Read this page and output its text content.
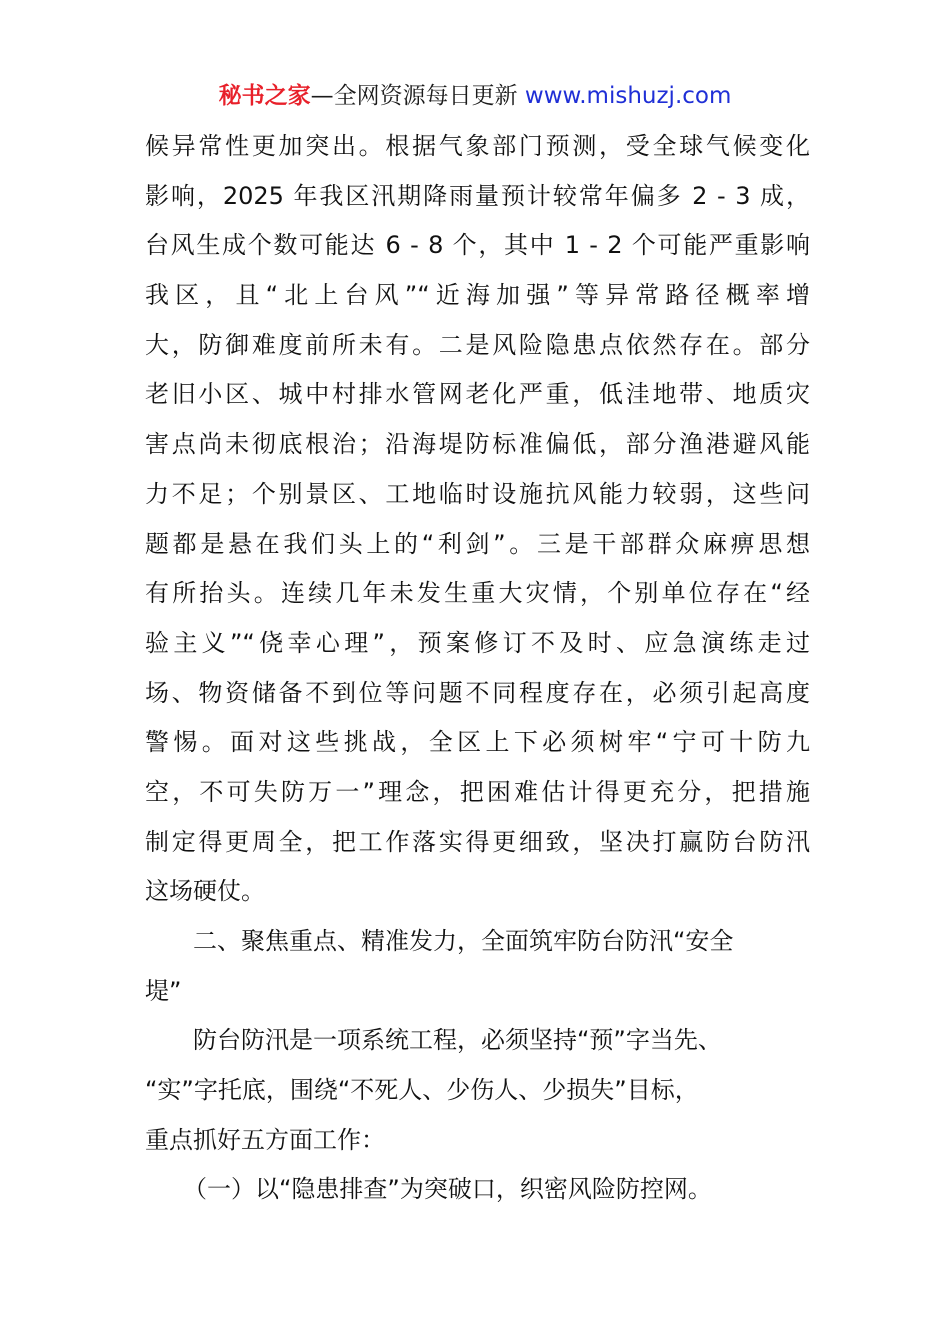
秘书之家—全网资源每日更新 www.mishuzj.com
候异常性更加突出。根据气象部门预测，受全球气候变化
影响，2025 年我区汛期降雨量预计较常年偏多 2 - 3 成，
台风生成个数可能达 6 - 8 个，其中 1 - 2 个可能严重影响
我区，且“北上台风”“近海加强”等异常路径概率增
大，防御难度前所未有。二是风险隐患点依然存在。部分
老旧小区、城中村排水管网老化严重，低洼地带、地质灾
害点尚未彻底根治；沿海堤防标准偏低，部分渔港避风能
力不足；个别景区、工地临时设施抗风能力较弱，这些问
题都是悬在我们头上的“利剑”。三是干部群众麻痹思想
有所抬头。连续几年未发生重大灾情，个别单位存在“经
验主义”“侥幸心理”，预案修订不及时、应急演练走过
场、物资储备不到位等问题不同程度存在，必须引起高度
警惕。面对这些挑战，全区上下必须树牢“宁可十防九
空，不可失防万一”理念，把困难估计得更充分，把措施
制定得更周全，把工作落实得更细致，坚决打赢防台防汛
这场硬仗。
二、聚焦重点、精准发力，全面筑牢防台防汛“安全
堤”
防台防汛是一项系统工程，必须坚持“预”字当先、
“实”字托底，围绕“不死人、少伤人、少损失”目标，
重点抓好五方面工作：
（一）以“隐患排查”为突破口，织密风险防控网。
